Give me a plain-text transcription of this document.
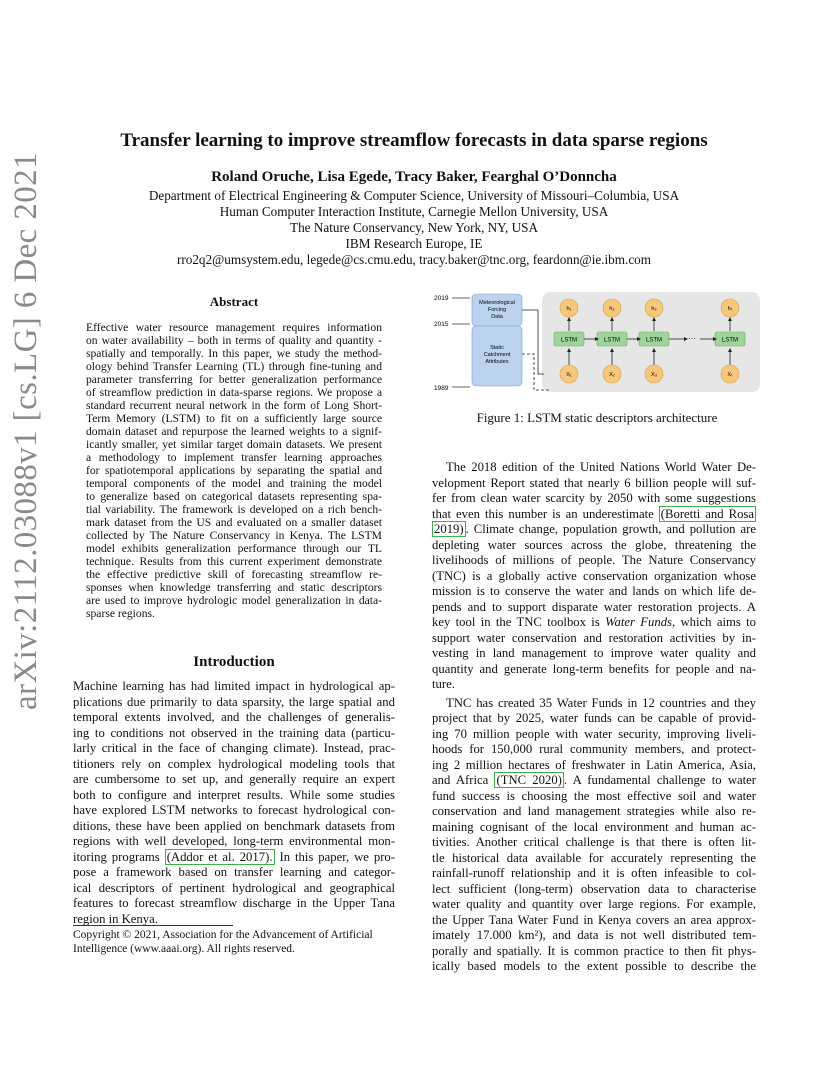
arXiv:2112.03088v1 [cs.LG] 6 Dec 2021
Transfer learning to improve streamflow forecasts in data sparse regions
Roland Oruche, Lisa Egede, Tracy Baker, Fearghal O’Donncha
Department of Electrical Engineering & Computer Science, University of Missouri–Columbia, USA
Human Computer Interaction Institute, Carnegie Mellon University, USA
The Nature Conservancy, New York, NY, USA
IBM Research Europe, IE
rro2q2@umsystem.edu, legede@cs.cmu.edu, tracy.baker@tnc.org, feardonn@ie.ibm.com
Abstract
Effective water resource management requires information
on water availability – both in terms of quality and quantity -
spatially and temporally. In this paper, we study the method-
ology behind Transfer Learning (TL) through fine-tuning and
parameter transferring for better generalization performance
of streamflow prediction in data-sparse regions. We propose a
standard recurrent neural network in the form of Long Short-
Term Memory (LSTM) to fit on a sufficiently large source
domain dataset and repurpose the learned weights to a signif-
icantly smaller, yet similar target domain datasets. We present
a methodology to implement transfer learning approaches
for spatiotemporal applications by separating the spatial and
temporal components of the model and training the model
to generalize based on categorical datasets representing spa-
tial variability. The framework is developed on a rich bench-
mark dataset from the US and evaluated on a smaller dataset
collected by The Nature Conservancy in Kenya. The LSTM
model exhibits generalization performance through our TL
technique. Results from this current experiment demonstrate
the effective predictive skill of forecasting streamflow re-
sponses when knowledge transferring and static descriptors
are used to improve hydrologic model generalization in data-
sparse regions.
Introduction
Machine learning has had limited impact in hydrological ap-
plications due primarily to data sparsity, the large spatial and
temporal extents involved, and the challenges of generalis-
ing to conditions not observed in the training data (particu-
larly critical in the face of changing climate). Instead, prac-
titioners rely on complex hydrological modeling tools that
are cumbersome to set up, and generally require an expert
both to configure and interpret results. While some studies
have explored LSTM networks to forecast hydrological con-
ditions, these have been applied on benchmark datasets from
regions with well developed, long-term environmental mon-
itoring programs (Addor et al. 2017). In this paper, we pro-
pose a framework based on transfer learning and categor-
ical descriptors of pertinent hydrological and geographical
features to forecast streamflow discharge in the Upper Tana
region in Kenya.
Copyright © 2021, Association for the Advancement of Artificial Intelligence (www.aaai.org). All rights reserved.
2019
2015
1989
Meteorological
Forcing
Data
Static
Catchment
Attributes
h₁
LSTM
X₁
h₂
LSTM
X₂
h₃
LSTM
X₃
hₜ
LSTM
Xₜ
···
Figure 1: LSTM static descriptors architecture
The 2018 edition of the United Nations World Water De-
velopment Report stated that nearly 6 billion people will suf-
fer from clean water scarcity by 2050 with some suggestions
that even this number is an underestimate (Boretti and Rosa
2019) . Climate change, population growth, and pollution are
depleting water sources across the globe, threatening the
livelihoods of millions of people. The Nature Conservancy
(TNC) is a globally active conservation organization whose
mission is to conserve the water and lands on which life de-
pends and to support disparate water restoration projects. A
key tool in the TNC toolbox is Water Funds, which aims to
support water conservation and restoration activities by in-
vesting in land management to improve water quality and
quantity and generate long-term benefits for people and na-
ture.
TNC has created 35 Water Funds in 12 countries and they
project that by 2025, water funds can be capable of provid-
ing 70 million people with water security, improving liveli-
hoods for 150,000 rural community members, and protect-
ing 2 million hectares of freshwater in Latin America, Asia,
and Africa (TNC 2020) . A fundamental challenge to water
fund success is choosing the most effective soil and water
conservation and land management strategies while also re-
maining cognisant of the local environment and human ac-
tivities. Another critical challenge is that there is often lit-
tle historical data available for accurately representing the
rainfall-runoff relationship and it is often infeasible to col-
lect sufficient (long-term) observation data to characterise
water quality and quantity over large regions. For example,
the Upper Tana Water Fund in Kenya covers an area approx-
imately 17.000 km²), and data is not well distributed tem-
porally and spatially. It is common practice to then fit phys-
ically based models to the extent possible to describe the
